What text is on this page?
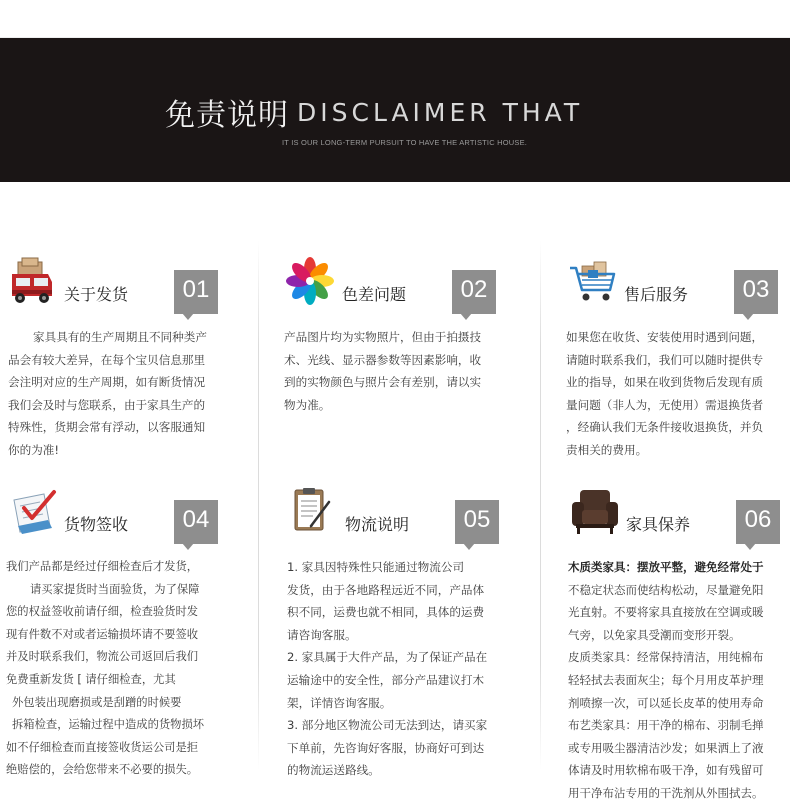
免责说明 DISCLAIMER THAT
IT IS OUR LONG-TERM PURSUIT TO HAVE THE ARTISTIC HOUSE.
关于发货	01

家具具有的生产周期且不同种类产

品会有较大差异，在每个宝贝信息那里

会注明对应的生产周期，如有断货情况

我们会及时与您联系，由于家具生产的

特殊性，货期会常有浮动，以客服通知

你的为准!

色差问题	02

产品图片均为实物照片，但由于拍摄技

术、光线、显示器参数等因素影响，收

到的实物颜色与照片会有差别，请以实

物为准。

售后服务	03

如果您在收货、安装使用时遇到问题，

请随时联系我们，我们可以随时提供专

业的指导，如果在收到货物后发现有质

量问题（非人为，无使用）需退换货者

，经确认我们无条件接收退换货，并负

责相关的费用。

货物签收	04

我们产品都是经过仔细检查后才发货，

请买家提货时当面验货，为了保障

您的权益签收前请仔细，检查验货时发

现有件数不对或者运输损坏请不要签收

并及时联系我们，物流公司返回后我们

免费重新发货 [ 请仔细检查，尤其

外包装出现磨损或是刮蹭的时候要

拆箱检查，运输过程中造成的货物损坏

如不仔细检查而直接签收货运公司是拒

绝赔偿的，会给您带来不必要的损失。

物流说明	05

1. 家具因特殊性只能通过物流公司

发货，由于各地路程远近不同，产品体

积不同，运费也就不相同，具体的运费

请咨询客服。

2. 家具属于大件产品，为了保证产品在

运输途中的安全性，部分产品建议打木

架，详情咨询客服。

3. 部分地区物流公司无法到达，请买家

下单前，先咨询好客服，协商好可到达

的物流运送路线。

家具保养	06

木质类家具：摆放平整，避免经常处于

不稳定状态而使结构松动，尽量避免阳

光直射。不要将家具直接放在空调或暖

气旁，以免家具受潮而变形开裂。

皮质类家具：经常保持清洁，用纯棉布

轻轻拭去表面灰尘；每个月用皮革护理

剂喷擦一次，可以延长皮革的使用寿命

布艺类家具：用干净的棉布、羽制毛掸

或专用吸尘器清洁沙发；如果洒上了液

体请及时用软棉布吸干净，如有残留可

用干净布沾专用的干洗剂从外围拭去。
